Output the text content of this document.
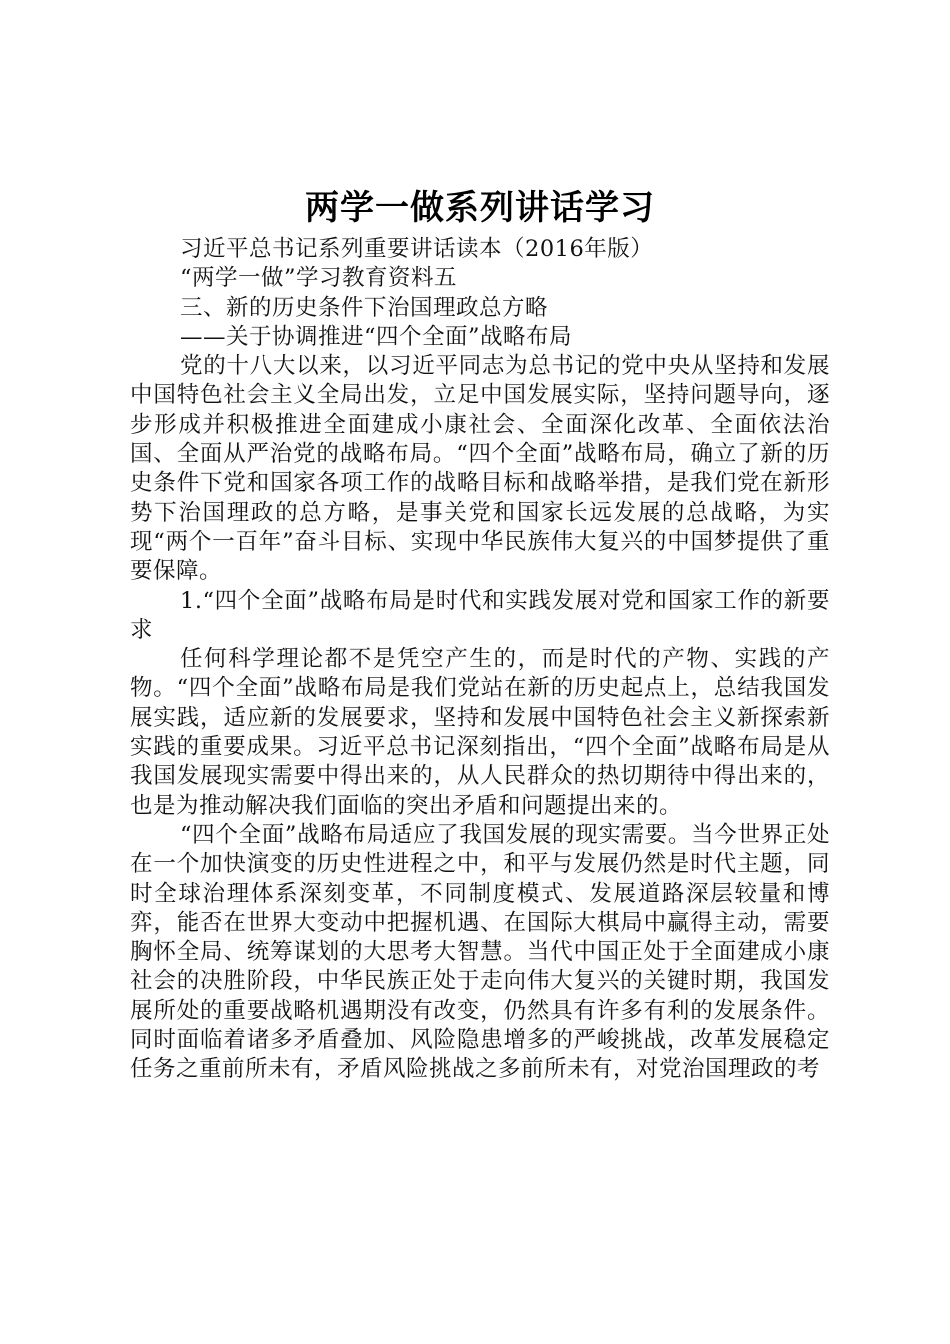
两学一做系列讲话学习

习近平总书记系列重要讲话读本（2016年版）

“两学一做”学习教育资料五

三、新的历史条件下治国理政总方略

——关于协调推进“四个全面”战略布局

党的十八大以来，以习近平同志为总书记的党中央从坚持和发展中国特色社会主义全局出发，立足中国发展实际，坚持问题导向，逐步形成并积极推进全面建成小康社会、全面深化改革、全面依法治国、全面从严治党的战略布局。“四个全面”战略布局，确立了新的历史条件下党和国家各项工作的战略目标和战略举措，是我们党在新形势下治国理政的总方略，是事关党和国家长远发展的总战略，为实现“两个一百年”奋斗目标、实现中华民族伟大复兴的中国梦提供了重要保障。

1.“四个全面”战略布局是时代和实践发展对党和国家工作的新要求

任何科学理论都不是凭空产生的，而是时代的产物、实践的产物。“四个全面”战略布局是我们党站在新的历史起点上，总结我国发展实践，适应新的发展要求，坚持和发展中国特色社会主义新探索新实践的重要成果。习近平总书记深刻指出，“四个全面”战略布局是从我国发展现实需要中得出来的，从人民群众的热切期待中得出来的，也是为推动解决我们面临的突出矛盾和问题提出来的。

“四个全面”战略布局适应了我国发展的现实需要。当今世界正处在一个加快演变的历史性进程之中，和平与发展仍然是时代主题，同时全球治理体系深刻变革，不同制度模式、发展道路深层较量和博弈，能否在世界大变动中把握机遇、在国际大棋局中赢得主动，需要胸怀全局、统筹谋划的大思考大智慧。当代中国正处于全面建成小康社会的决胜阶段，中华民族正处于走向伟大复兴的关键时期，我国发展所处的重要战略机遇期没有改变，仍然具有许多有利的发展条件。同时面临着诸多矛盾叠加、风险隐患增多的严峻挑战，改革发展稳定任务之重前所未有，矛盾风险挑战之多前所未有，对党治国理政的考
